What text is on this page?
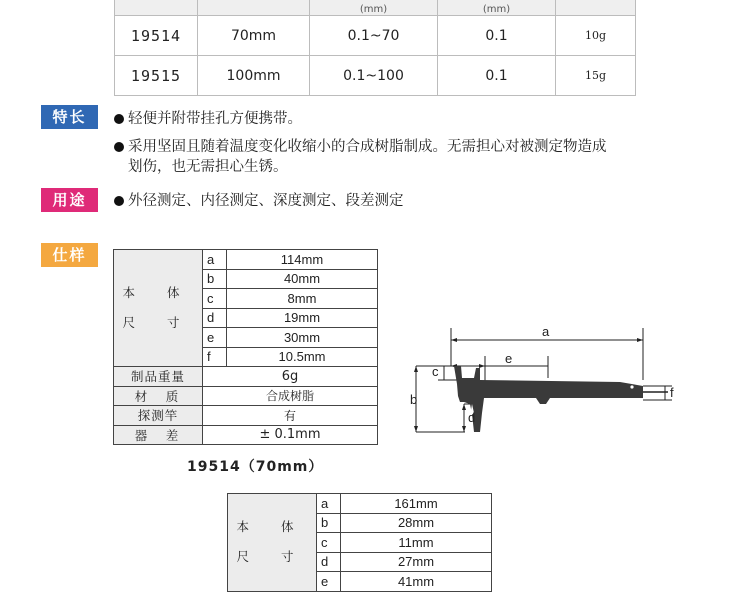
		(mm)	(mm)	
19514	70mm	0.1~70	0.1	10g
19515	100mm	0.1~100	0.1	15g
特长	轻便并附带挂孔方便携带。
采用坚固且随着温度变化收缩小的合成树脂制成。无需担心对被测定物造成
划伤，也无需担心生锈。
用途	外径测定、内径测定、深度测定、段差测定
仕样
本 体
尺 寸	a	114mm
	b	40mm
	c	8mm
	d	19mm
	e	30mm
	f	10.5mm
制品重量	6g	
材　质	合成树脂	
探测竿	有	
器　差	± 0.1mm	
19514（70mm）
本 体
尺 寸	a	161mm
	b	28mm
	c	11mm
	d	27mm
	e	41mm
a
e
b
c
d
f
